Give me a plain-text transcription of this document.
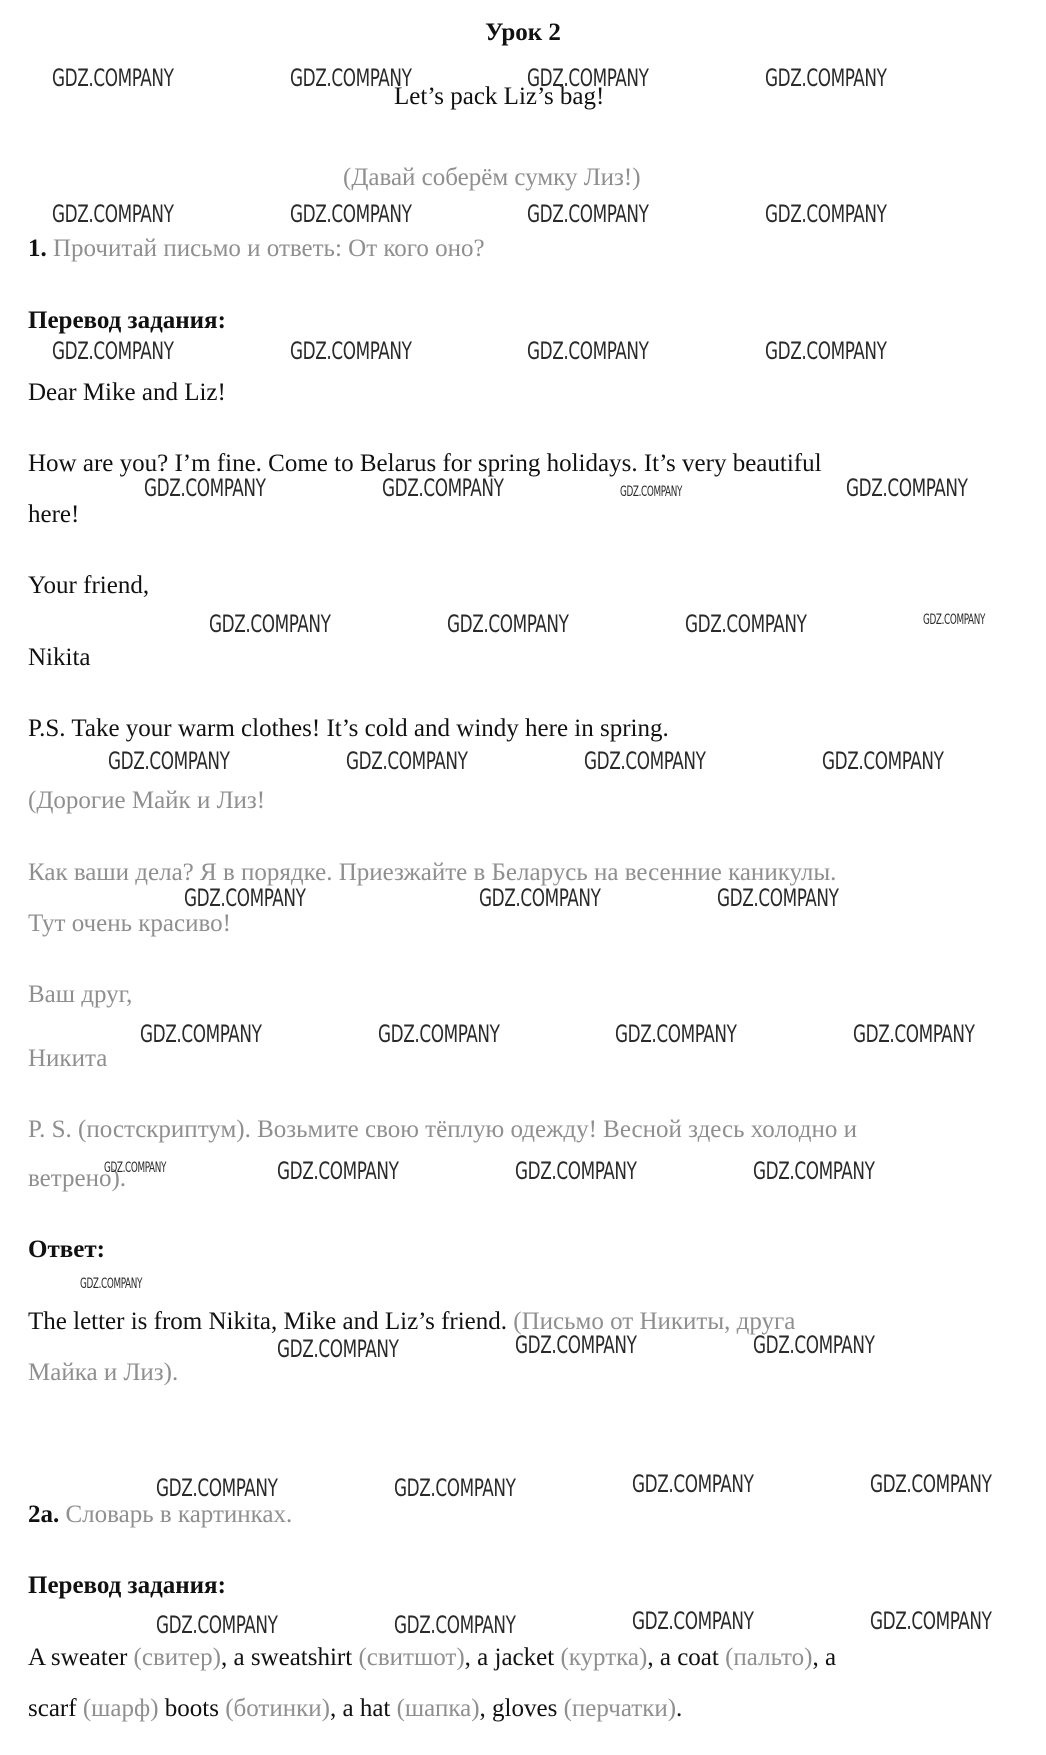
Урок 2
Let’s pack Liz’s bag!
(Давай соберём сумку Лиз!)
1. Прочитай письмо и ответь: От кого оно?
Перевод задания:
Dear Mike and Liz!
How are you? I’m fine. Come to Belarus for spring holidays. It’s very beautiful
here!
Your friend,
Nikita
P.S. Take your warm clothes! It’s cold and windy here in spring.
(Дорогие Майк и Лиз!
Как ваши дела? Я в порядке. Приезжайте в Беларусь на весенние каникулы.
Тут очень красиво!
Ваш друг,
Никита
P. S. (постскриптум). Возьмите свою тёплую одежду! Весной здесь холодно и
ветрено).
Ответ:
The letter is from Nikita, Mike and Liz’s friend. (Письмо от Никиты, друга
Майка и Лиз).
2a. Словарь в картинках.
Перевод задания:
A sweater (свитер), a sweatshirt (свитшот), a jacket (куртка), a coat (пальто), a
scarf (шарф) boots (ботинки), a hat (шапка), gloves (перчатки).
GDZ.COMPANY	GDZ.COMPANY	GDZ.COMPANY	GDZ.COMPANY
GDZ.COMPANY	GDZ.COMPANY	GDZ.COMPANY	GDZ.COMPANY
GDZ.COMPANY	GDZ.COMPANY	GDZ.COMPANY	GDZ.COMPANY
GDZ.COMPANY	GDZ.COMPANY	GDZ.COMPANY	GDZ.COMPANY
GDZ.COMPANY	GDZ.COMPANY	GDZ.COMPANY	GDZ.COMPANY
GDZ.COMPANY	GDZ.COMPANY	GDZ.COMPANY	GDZ.COMPANY
GDZ.COMPANY	GDZ.COMPANY	GDZ.COMPANY
GDZ.COMPANY	GDZ.COMPANY	GDZ.COMPANY	GDZ.COMPANY
GDZ.COMPANY	GDZ.COMPANY	GDZ.COMPANY	GDZ.COMPANY
GDZ.COMPANY
GDZ.COMPANY	GDZ.COMPANY	GDZ.COMPANY
GDZ.COMPANY	GDZ.COMPANY	GDZ.COMPANY	GDZ.COMPANY
GDZ.COMPANY	GDZ.COMPANY	GDZ.COMPANY	GDZ.COMPANY
